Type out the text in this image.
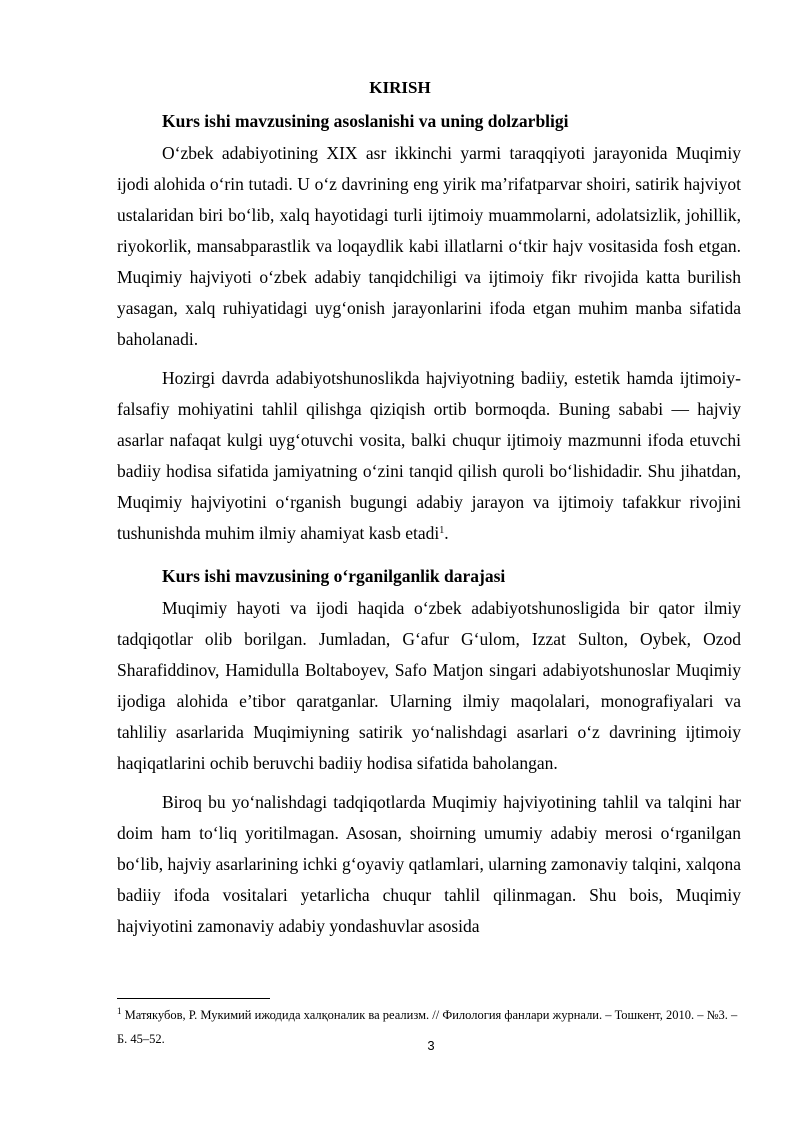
KIRISH
Kurs ishi mavzusining asoslanishi va uning dolzarbligi

O‘zbek adabiyotining XIX asr ikkinchi yarmi taraqqiyoti jarayonida Muqimiy ijodi alohida o‘rin tutadi. U o‘z davrining eng yirik ma’rifatparvar shoiri, satirik hajviyot ustalaridan biri bo‘lib, xalq hayotidagi turli ijtimoiy muammolarni, adolatsizlik, johillik, riyokorlik, mansabparastlik va loqaydlik kabi illatlarni o‘tkir hajv vositasida fosh etgan. Muqimiy hajviyoti o‘zbek adabiy tanqidchiligi va ijtimoiy fikr rivojida katta burilish yasagan, xalq ruhiyatidagi uyg‘onish jarayonlarini ifoda etgan muhim manba sifatida baholanadi.

Hozirgi davrda adabiyotshunoslikda hajviyotning badiiy, estetik hamda ijtimoiy-falsafiy mohiyatini tahlil qilishga qiziqish ortib bormoqda. Buning sababi — hajviy asarlar nafaqat kulgi uyg‘otuvchi vosita, balki chuqur ijtimoiy mazmunni ifoda etuvchi badiiy hodisa sifatida jamiyatning o‘zini tanqid qilish quroli bo‘lishidadir. Shu jihatdan, Muqimiy hajviyotini o‘rganish bugungi adabiy jarayon va ijtimoiy tafakkur rivojini tushunishda muhim ilmiy ahamiyat kasb etadi$^1$.

Kurs ishi mavzusining o‘rganilganlik darajasi

Muqimiy hayoti va ijodi haqida o‘zbek adabiyotshunosligida bir qator ilmiy tadqiqotlar olib borilgan. Jumladan, G‘afur G‘ulom, Izzat Sulton, Oybek, Ozod Sharafiddinov, Hamidulla Boltaboyev, Safo Matjon singari adabiyotshunoslar Muqimiy ijodiga alohida e’tibor qaratganlar. Ularning ilmiy maqolalari, monografiyalari va tahliliy asarlarida Muqimiyning satirik yo‘nalishdagi asarlari o‘z davrining ijtimoiy haqiqatlarini ochib beruvchi badiiy hodisa sifatida baholangan.

Biroq bu yo‘nalishdagi tadqiqotlarda Muqimiy hajviyotining tahlil va talqini har doim ham to‘liq yoritilmagan. Asosan, shoirning umumiy adabiy merosi o‘rganilgan bo‘lib, hajviy asarlarining ichki g‘oyaviy qatlamlari, ularning zamonaviy talqini, xalqona badiiy ifoda vositalari yetarlicha chuqur tahlil qilinmagan. Shu bois, Muqimiy hajviyotini zamonaviy adabiy yondashuvlar asosida

$^1$ Матякубов, Р. Мукимий ижодида халқоналик ва реализм. // Филология фанлари журнали. – Тошкент, 2010. – №3. – Б. 45–52.	3
